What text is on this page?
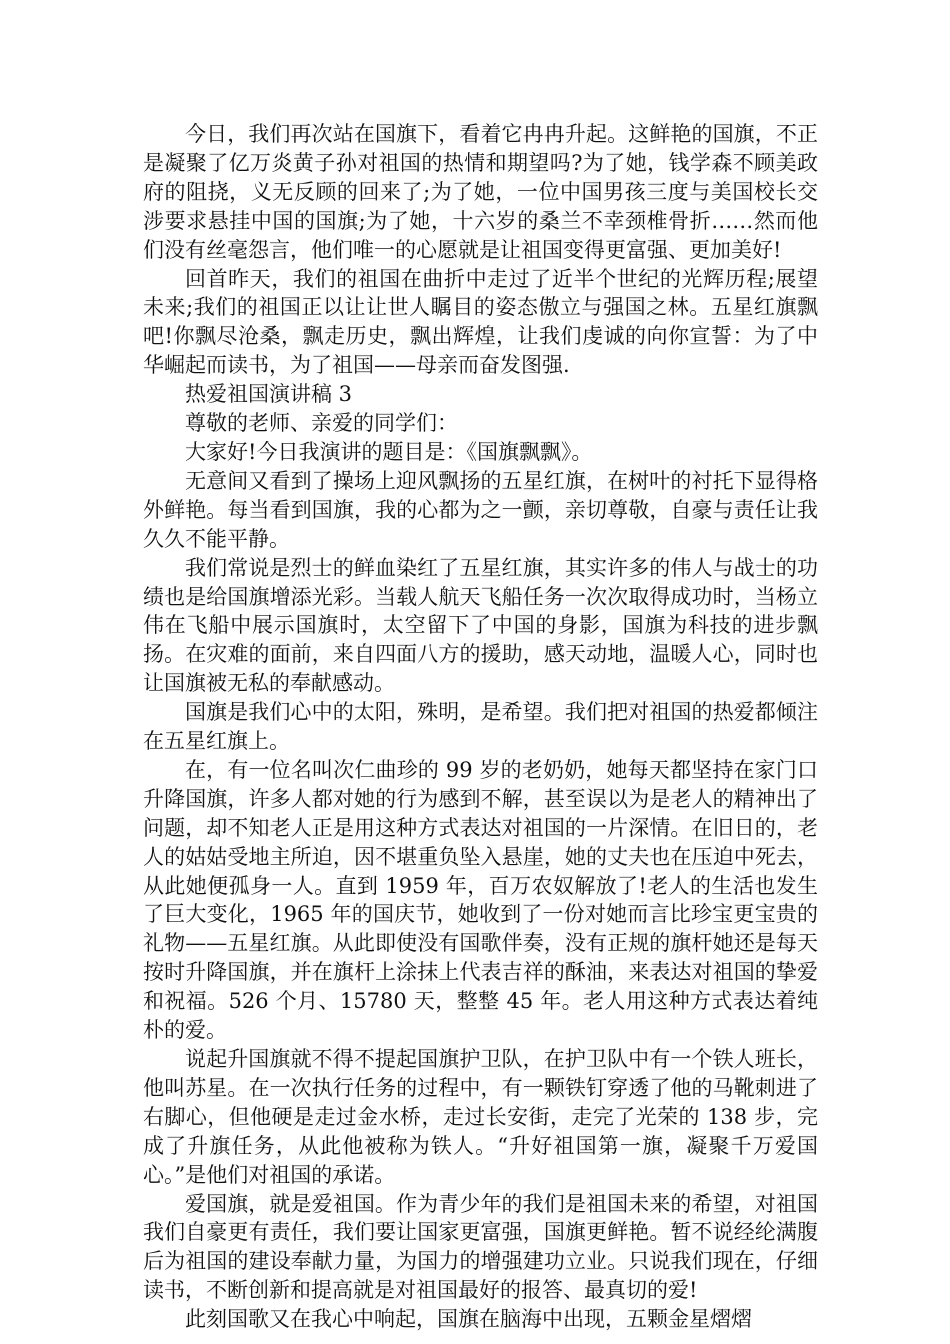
今日，我们再次站在国旗下，看着它冉冉升起。这鲜艳的国旗，不正是凝聚了亿万炎黄子孙对祖国的热情和期望吗?为了她，钱学森不顾美政府的阻挠，义无反顾的回来了;为了她，一位中国男孩三度与美国校长交涉要求悬挂中国的国旗;为了她，十六岁的桑兰不幸颈椎骨折……然而他们没有丝毫怨言，他们唯一的心愿就是让祖国变得更富强、更加美好!

回首昨天，我们的祖国在曲折中走过了近半个世纪的光辉历程;展望未来;我们的祖国正以让让世人瞩目的姿态傲立与强国之林。五星红旗飘吧!你飘尽沧桑，飘走历史，飘出辉煌，让我们虔诚的向你宣誓：为了中华崛起而读书，为了祖国——母亲而奋发图强.

热爱祖国演讲稿 3

尊敬的老师、亲爱的同学们：

大家好!今日我演讲的题目是：《国旗飘飘》。

无意间又看到了操场上迎风飘扬的五星红旗，在树叶的衬托下显得格外鲜艳。每当看到国旗，我的心都为之一颤，亲切尊敬，自豪与责任让我久久不能平静。

我们常说是烈士的鲜血染红了五星红旗，其实许多的伟人与战士的功绩也是给国旗增添光彩。当载人航天飞船任务一次次取得成功时，当杨立伟在飞船中展示国旗时，太空留下了中国的身影，国旗为科技的进步飘扬。在灾难的面前，来自四面八方的援助，感天动地，温暖人心，同时也让国旗被无私的奉献感动。

国旗是我们心中的太阳，殊明，是希望。我们把对祖国的热爱都倾注在五星红旗上。

在，有一位名叫次仁曲珍的 99 岁的老奶奶，她每天都坚持在家门口升降国旗，许多人都对她的行为感到不解，甚至误以为是老人的精神出了问题，却不知老人正是用这种方式表达对祖国的一片深情。在旧日的，老人的姑姑受地主所迫，因不堪重负坠入悬崖，她的丈夫也在压迫中死去，从此她便孤身一人。直到 1959 年，百万农奴解放了!老人的生活也发生了巨大变化，1965 年的国庆节，她收到了一份对她而言比珍宝更宝贵的礼物——五星红旗。从此即使没有国歌伴奏，没有正规的旗杆她还是每天按时升降国旗，并在旗杆上涂抹上代表吉祥的酥油，来表达对祖国的挚爱和祝福。526 个月、15780 天，整整 45 年。老人用这种方式表达着纯朴的爱。

说起升国旗就不得不提起国旗护卫队，在护卫队中有一个铁人班长，他叫苏星。在一次执行任务的过程中，有一颗铁钉穿透了他的马靴刺进了右脚心，但他硬是走过金水桥，走过长安街，走完了光荣的 138 步，完成了升旗任务，从此他被称为铁人。“升好祖国第一旗，凝聚千万爱国心。”是他们对祖国的承诺。

爱国旗，就是爱祖国。作为青少年的我们是祖国未来的希望，对祖国我们自豪更有责任，我们要让国家更富强，国旗更鲜艳。暂不说经纶满腹后为祖国的建设奉献力量，为国力的增强建功立业。只说我们现在，仔细读书，不断创新和提高就是对祖国最好的报答、最真切的爱!

此刻国歌又在我心中响起，国旗在脑海中出现，五颗金星熠熠
